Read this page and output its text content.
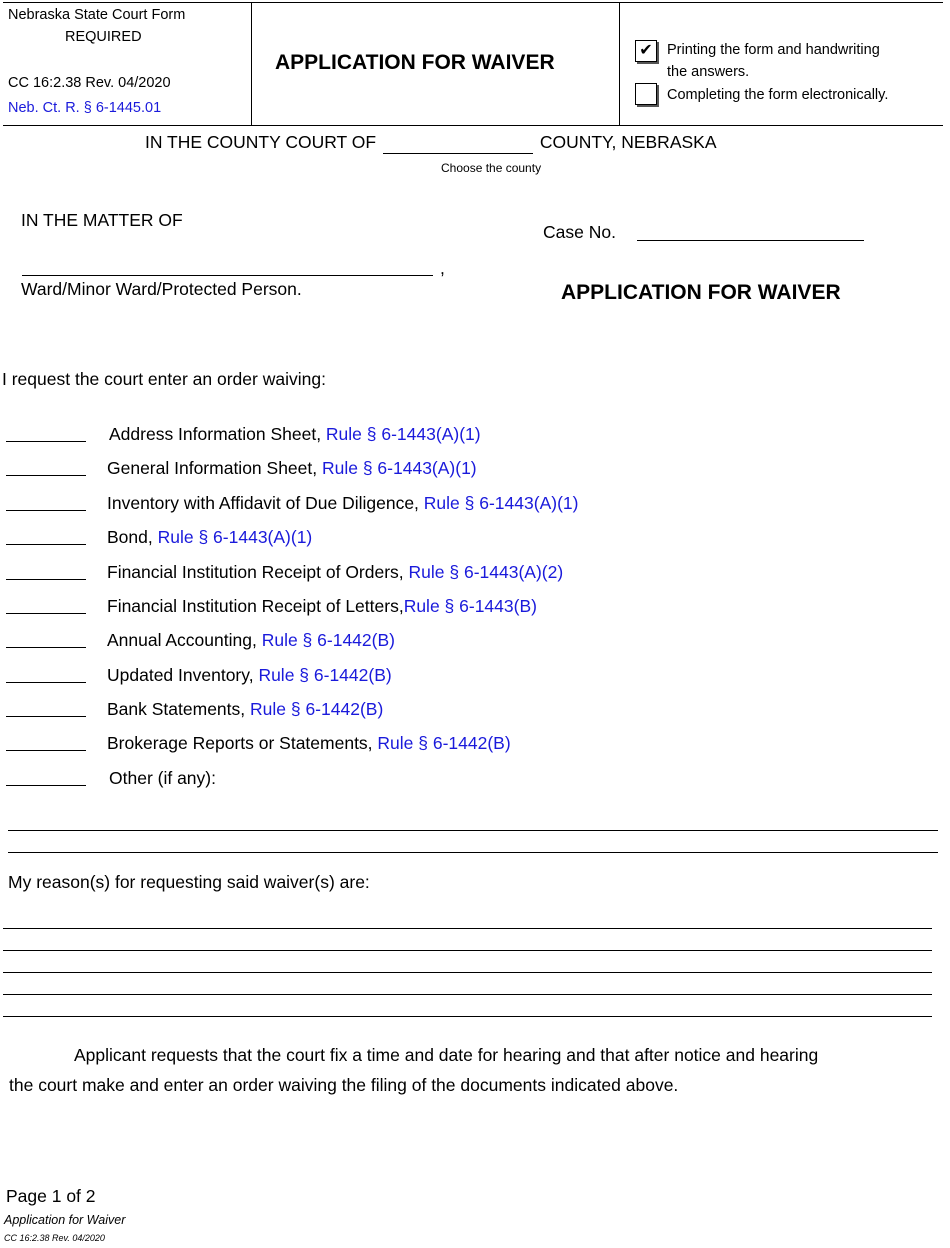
Nebraska State Court Form
REQUIRED
CC 16:2.38 Rev. 04/2020
Neb. Ct. R. § 6-1445.01
APPLICATION FOR WAIVER
✔ Printing the form and handwriting
the answers.
Completing the form electronically.
IN THE COUNTY COURT OF	COUNTY, NEBRASKA
Choose the county
IN THE MATTER OF
Case No.
,
Ward/Minor Ward/Protected Person.	APPLICATION FOR WAIVER
I request the court enter an order waiving:
Address Information Sheet, Rule § 6-1443(A)(1)
General Information Sheet, Rule § 6-1443(A)(1)
Inventory with Affidavit of Due Diligence, Rule § 6-1443(A)(1)
Bond, Rule § 6-1443(A)(1)
Financial Institution Receipt of Orders, Rule § 6-1443(A)(2)
Financial Institution Receipt of Letters,Rule § 6-1443(B)
Annual Accounting, Rule § 6-1442(B)
Updated Inventory, Rule § 6-1442(B)
Bank Statements, Rule § 6-1442(B)
Brokerage Reports or Statements, Rule § 6-1442(B)
Other (if any):
My reason(s) for requesting said waiver(s) are:
Applicant requests that the court fix a time and date for hearing and that after notice and hearing
the court make and enter an order waiving the filing of the documents indicated above.
Page 1 of 2
Application for Waiver
CC 16:2.38 Rev. 04/2020
